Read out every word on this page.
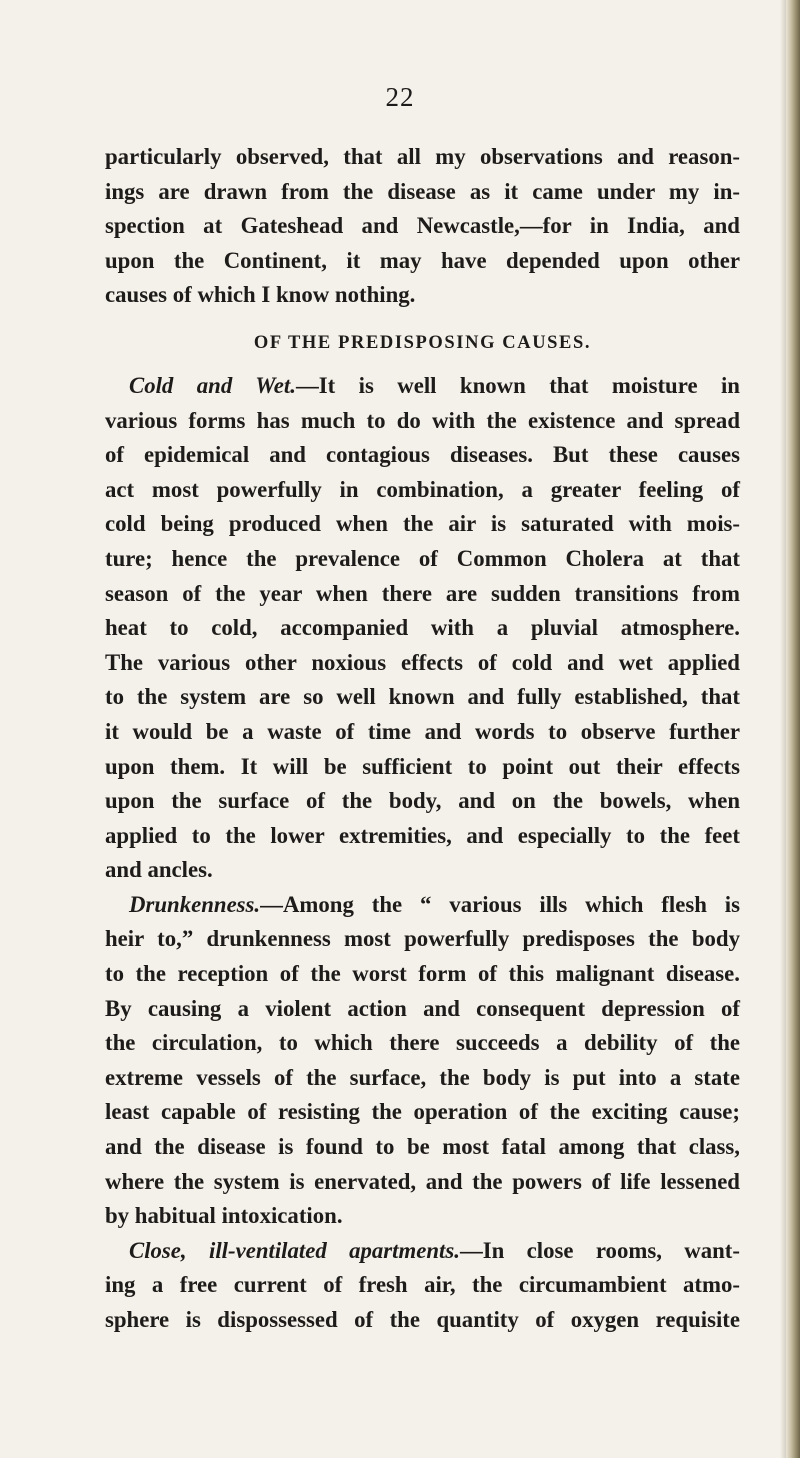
22
particularly observed, that all my observations and reason-
ings are drawn from the disease as it came under my in-
spection at Gateshead and Newcastle,—for in India, and
upon the Continent, it may have depended upon other
causes of which I know nothing.
OF THE PREDISPOSING CAUSES.
Cold and Wet.—It is well known that moisture in
various forms has much to do with the existence and spread
of epidemical and contagious diseases. But these causes
act most powerfully in combination, a greater feeling of
cold being produced when the air is saturated with mois-
ture; hence the prevalence of Common Cholera at that
season of the year when there are sudden transitions from
heat to cold, accompanied with a pluvial atmosphere.
The various other noxious effects of cold and wet applied
to the system are so well known and fully established, that
it would be a waste of time and words to observe further
upon them. It will be sufficient to point out their effects
upon the surface of the body, and on the bowels, when
applied to the lower extremities, and especially to the feet
and ancles.
Drunkenness.—Among the “ various ills which flesh is
heir to,” drunkenness most powerfully predisposes the body
to the reception of the worst form of this malignant disease.
By causing a violent action and consequent depression of
the circulation, to which there succeeds a debility of the
extreme vessels of the surface, the body is put into a state
least capable of resisting the operation of the exciting cause;
and the disease is found to be most fatal among that class,
where the system is enervated, and the powers of life lessened
by habitual intoxication.
Close, ill-ventilated apartments.—In close rooms, want-
ing a free current of fresh air, the circumambient atmo-
sphere is dispossessed of the quantity of oxygen requisite
